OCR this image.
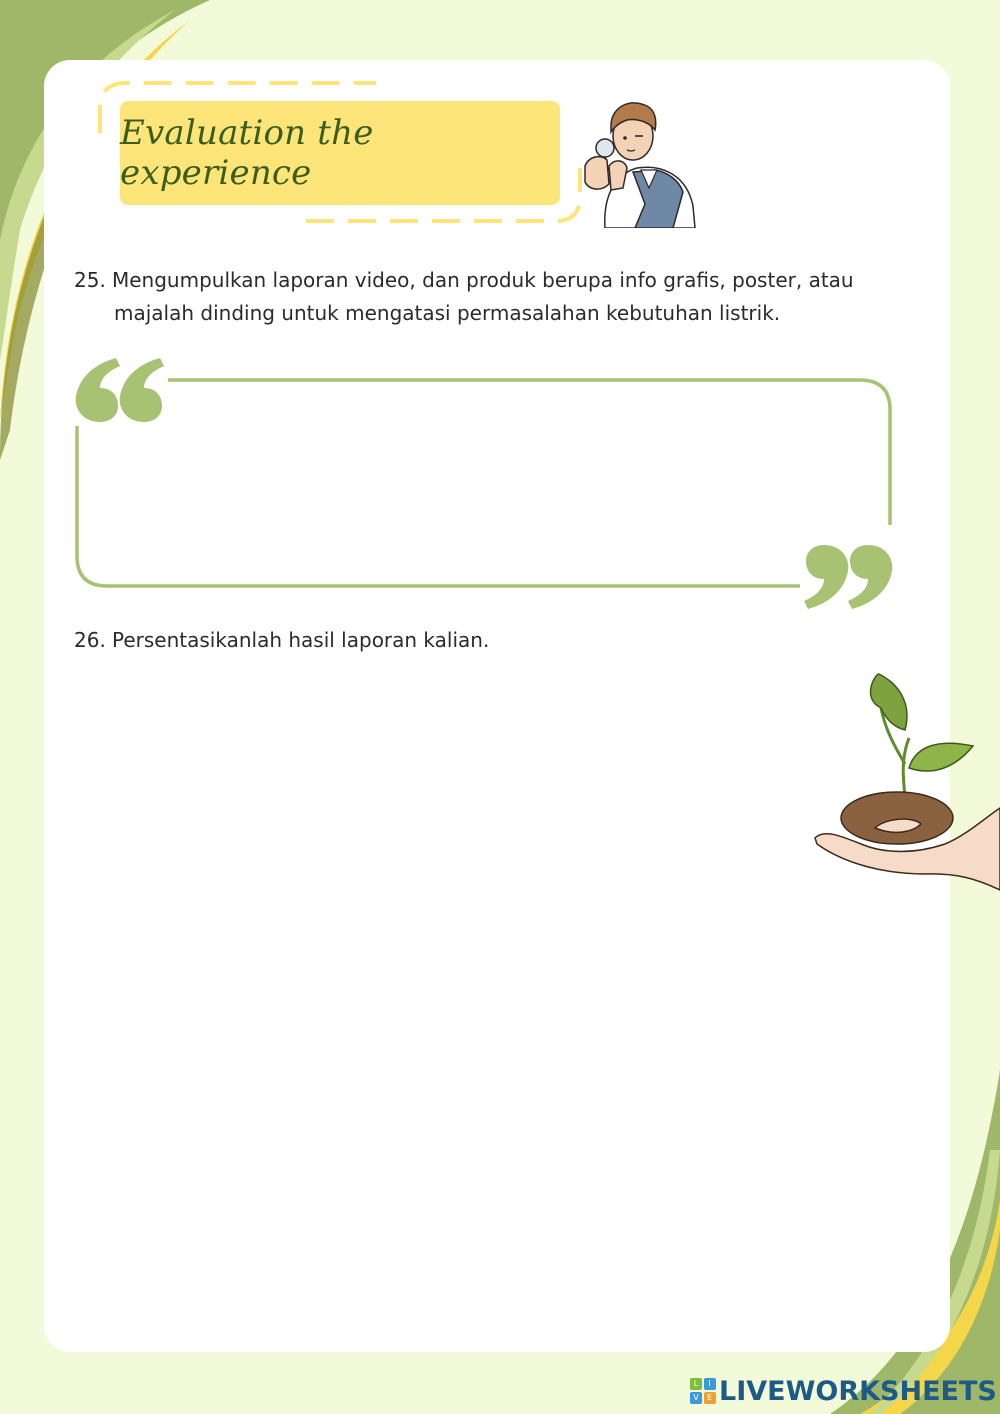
Evaluation the experience

25. Mengumpulkan laporan video, dan produk berupa info grafis, poster, atau
majalah dinding untuk mengatasi permasalahan kebutuhan listrik.

26. Persentasikanlah hasil laporan kalian.

L	I
V	E LIVEWORKSHEETS
